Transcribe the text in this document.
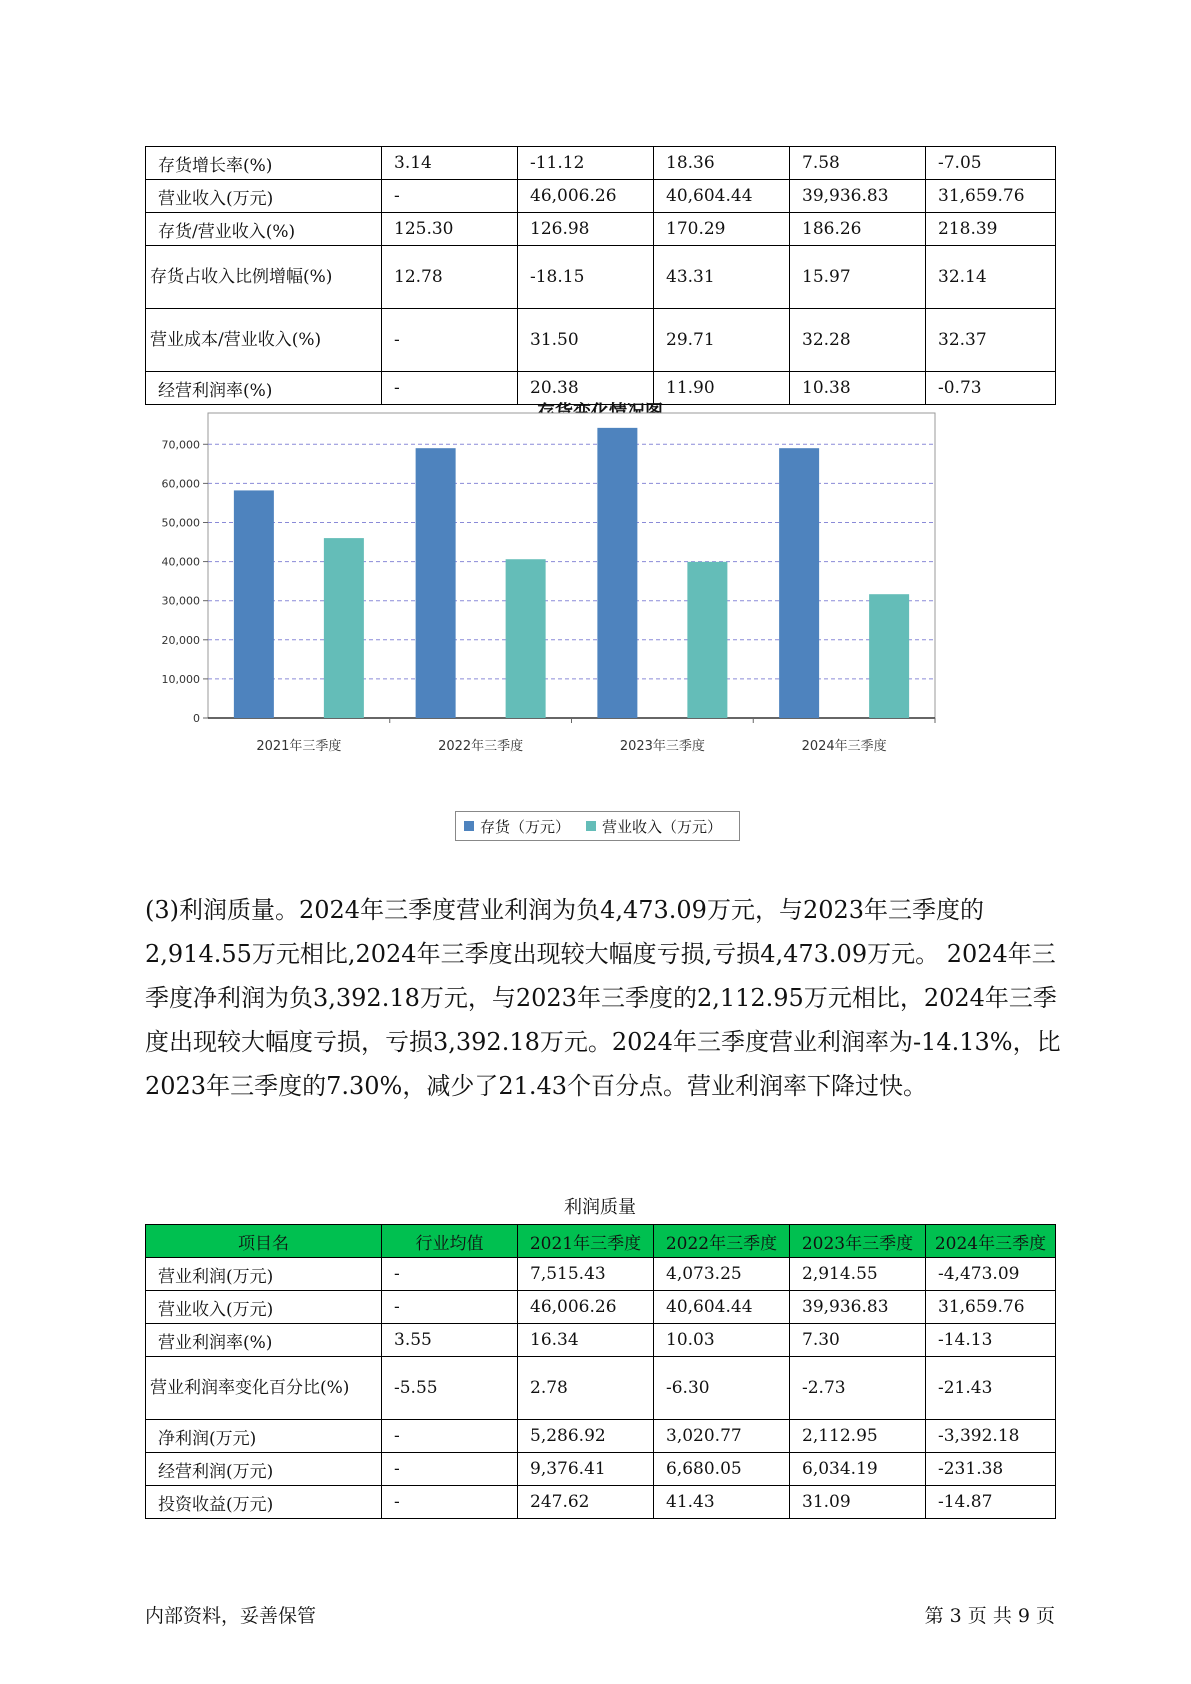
存货增长率(%)	3.14	-11.12	18.36	7.58	-7.05
营业收入(万元)	-	46,006.26	40,604.44	39,936.83	31,659.76
存货/营业收入(%)	125.30	126.98	170.29	186.26	218.39
存货占收入比例增幅(%)	12.78	-18.15	43.31	15.97	32.14
营业成本/营业收入(%)	-	31.50	29.71	32.28	32.37
经营利润率(%)	-	20.38	11.90	10.38	-0.73
0
10,000
20,000
30,000
40,000
50,000
60,000
70,000
2021年三季度	2022年三季度	2023年三季度	2024年三季度
存货（万元） 营业收入（万元）

(3)利润质量。2024年三季度营业利润为负4,473.09万元，与2023年三季度的2,914.55万元相比,2024年三季度出现较大幅度亏损,亏损4,473.09万元。 2024年三季度净利润为负3,392.18万元，与2023年三季度的2,112.95万元相比，2024年三季度出现较大幅度亏损，亏损3,392.18万元。2024年三季度营业利润率为-14.13%，比2023年三季度的7.30%，减少了21.43个百分点。营业利润率下降过快。

利润质量
项目名	行业均值	2021年三季度	2022年三季度	2023年三季度	2024年三季度
营业利润(万元)	-	7,515.43	4,073.25	2,914.55	-4,473.09
营业收入(万元)	-	46,006.26	40,604.44	39,936.83	31,659.76
营业利润率(%)	3.55	16.34	10.03	7.30	-14.13
营业利润率变化百分比(%)	-5.55	2.78	-6.30	-2.73	-21.43
净利润(万元)	-	5,286.92	3,020.77	2,112.95	-3,392.18
经营利润(万元)	-	9,376.41	6,680.05	6,034.19	-231.38
投资收益(万元)	-	247.62	41.43	31.09	-14.87
内部资料，妥善保管	第 3 页 共 9 页
